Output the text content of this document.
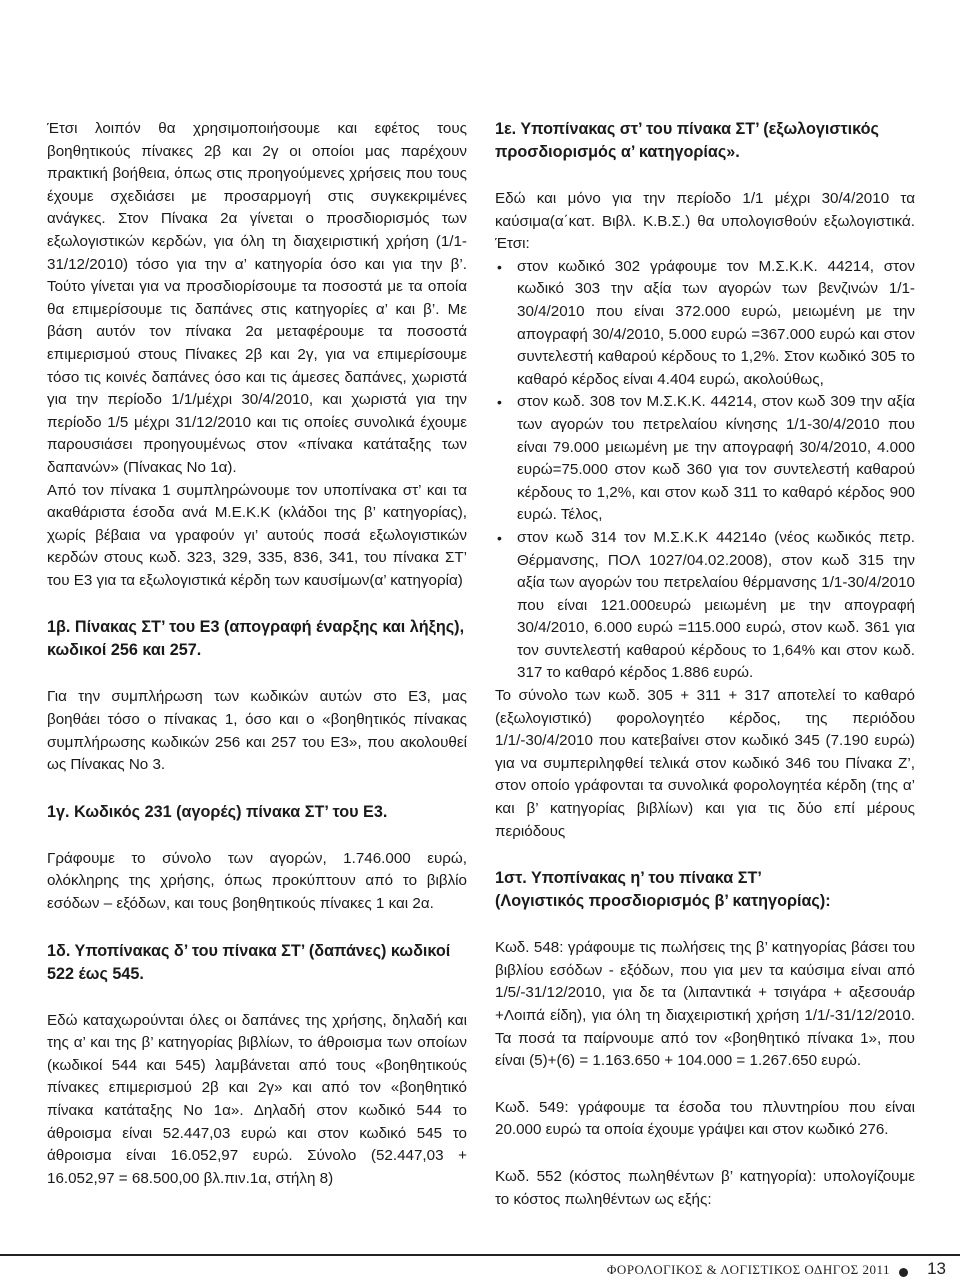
Έτσι λοιπόν θα χρησιμοποιήσουμε και εφέτος τους βοηθητικούς πίνακες 2β και 2γ οι οποίοι μας παρέχουν πρακτική βοήθεια, όπως στις προηγούμενες χρήσεις που τους έχουμε σχεδιάσει με προσαρμογή στις συγκεκριμένες ανάγκες. Στον Πίνακα 2α γίνεται ο προσδιορισμός των εξωλογιστικών κερδών, για όλη τη διαχειριστική χρήση (1/1-31/12/2010) τόσο για την α’ κατηγορία όσο και για την β’. Τούτο γίνεται για να προσδιορίσουμε τα ποσοστά με τα οποία θα επιμερίσουμε τις δαπάνες στις κατηγορίες α’ και β’. Με βάση αυτόν τον πίνακα 2α μεταφέρουμε τα ποσοστά επιμερισμού στους Πίνακες 2β και 2γ, για να επιμερίσουμε τόσο τις κοινές δαπάνες όσο και τις άμεσες δαπάνες, χωριστά για την περίοδο 1/1/μέχρι 30/4/2010, και χωριστά για την περίοδο 1/5 μέχρι 31/12/2010 και τις οποίες συνολικά έχουμε παρουσιάσει προηγουμένως στον «πίνακα κατάταξης των δαπανών» (Πίνακας Νο 1α).

Από τον πίνακα 1 συμπληρώνουμε τον υποπίνακα στ’ και τα ακαθάριστα έσοδα ανά Μ.Ε.Κ.Κ (κλάδοι της β’ κατηγορίας), χωρίς βέβαια να γραφούν γι’ αυτούς ποσά εξωλογιστικών κερδών στους κωδ. 323, 329, 335, 836, 341, του πίνακα ΣΤ’ του Ε3 για τα εξωλογιστικά κέρδη των καυσίμων(α’ κατηγορία)

1β. Πίνακας ΣΤ’ του Ε3 (απογραφή έναρξης και λήξης), κωδικοί 256 και 257.

Για την συμπλήρωση των κωδικών αυτών στο Ε3, μας βοηθάει τόσο ο πίνακας 1, όσο και ο «βοηθητικός πίνακας συμπλήρωσης κωδικών 256 και 257 του Ε3», που ακολουθεί ως Πίνακας Νο 3.

1γ. Κωδικός 231 (αγορές) πίνακα ΣΤ’ του Ε3.

Γράφουμε το σύνολο των αγορών, 1.746.000 ευρώ, ολόκληρης της χρήσης, όπως προκύπτουν από το βιβλίο εσόδων – εξόδων, και τους βοηθητικούς πίνακες 1 και 2α.

1δ. Υποπίνακας δ’ του πίνακα ΣΤ’ (δαπάνες) κωδικοί 522 έως 545.

Εδώ καταχωρούνται όλες οι δαπάνες της χρήσης, δηλαδή και της α’ και της β’ κατηγορίας βιβλίων, το άθροισμα των οποίων (κωδικοί 544 και 545) λαμβάνεται από τους «βοηθητικούς πίνακες επιμερισμού 2β και 2γ» και από τον «βοηθητικό πίνακα κατάταξης Νο 1α». Δηλαδή στον κωδικό 544 το άθροισμα είναι 52.447,03 ευρώ και στον κωδικό 545 το άθροισμα είναι 16.052,97 ευρώ. Σύνολο (52.447,03 + 16.052,97 = 68.500,00 βλ.πιν.1α, στήλη 8)

1ε. Υποπίνακας στ’ του πίνακα ΣΤ’ (εξωλογιστικός προσδιορισμός α’ κατηγορίας».

Εδώ και μόνο για την περίοδο 1/1 μέχρι 30/4/2010 τα καύσιμα(α΄κατ. Βιβλ. Κ.Β.Σ.) θα υπολογισθούν εξωλογιστικά. Έτσι:

• στον κωδικό 302 γράφουμε τον Μ.Σ.Κ.Κ. 44214, στον κωδικό 303 την αξία των αγορών των βενζινών 1/1-30/4/2010 που είναι 372.000 ευρώ, μειωμένη με την απογραφή 30/4/2010, 5.000 ευρώ =367.000 ευρώ και στον συντελεστή καθαρού κέρδους το 1,2%. Στον κωδικό 305 το καθαρό κέρδος είναι 4.404 ευρώ, ακολούθως,
• στον κωδ. 308 τον Μ.Σ.Κ.Κ. 44214, στον κωδ 309 την αξία των αγορών του πετρελαίου κίνησης 1/1-30/4/2010 που είναι 79.000 μειωμένη με την απογραφή 30/4/2010, 4.000 ευρώ=75.000 στον κωδ 360 για τον συντελεστή καθαρού κέρδους το 1,2%, και στον κωδ 311 το καθαρό κέρδος 900 ευρώ. Τέλος,
• στον κωδ 314 τον Μ.Σ.Κ.Κ 44214ο (νέος κωδικός πετρ. Θέρμανσης, ΠΟΛ 1027/04.02.2008), στον κωδ 315 την αξία των αγορών του πετρελαίου θέρμανσης 1/1-30/4/2010 που είναι 121.000ευρώ μειωμένη με την απογραφή 30/4/2010, 6.000 ευρώ =115.000 ευρώ, στον κωδ. 361 για τον συντελεστή καθαρού κέρδους το 1,64% και στον κωδ. 317 το καθαρό κέρδος 1.886 ευρώ.

Το σύνολο των κωδ. 305 + 311 + 317 αποτελεί το καθαρό (εξωλογιστικό) φορολογητέο κέρδος, της περιόδου 1/1/-30/4/2010 που κατεβαίνει στον κωδικό 345 (7.190 ευρώ) για να συμπεριληφθεί τελικά στον κωδικό 346 του Πίνακα Ζ’, στον οποίο γράφονται τα συνολικά φορολογητέα κέρδη (της α’ και β’ κατηγορίας βιβλίων) και για τις δύο επί μέρους περιόδους

1στ. Υποπίνακας η’ του πίνακα ΣΤ’

(Λογιστικός προσδιορισμός β’ κατηγορίας):

Κωδ. 548: γράφουμε τις πωλήσεις της β’ κατηγορίας βάσει του βιβλίου εσόδων - εξόδων, που για μεν τα καύσιμα είναι από 1/5/-31/12/2010, για δε τα (λιπαντικά + τσιγάρα + αξεσουάρ +Λοιπά είδη), για όλη τη διαχειριστική χρήση 1/1/-31/12/2010. Τα ποσά τα παίρνουμε από τον «βοηθητικό πίνακα 1», που είναι (5)+(6) = 1.163.650 + 104.000 = 1.267.650 ευρώ.

Κωδ. 549: γράφουμε τα έσοδα του πλυντηρίου που είναι 20.000 ευρώ τα οποία έχουμε γράψει και στον κωδικό 276.

Κωδ. 552 (κόστος πωληθέντων β’ κατηγορία): υπολογίζουμε το κόστος πωληθέντων ως εξής:

ΦΟΡΟΛΟΓΙΚΟΣ & ΛΟΓΙΣΤΙΚΟΣ ΟΔΗΓΟΣ 2011 13
